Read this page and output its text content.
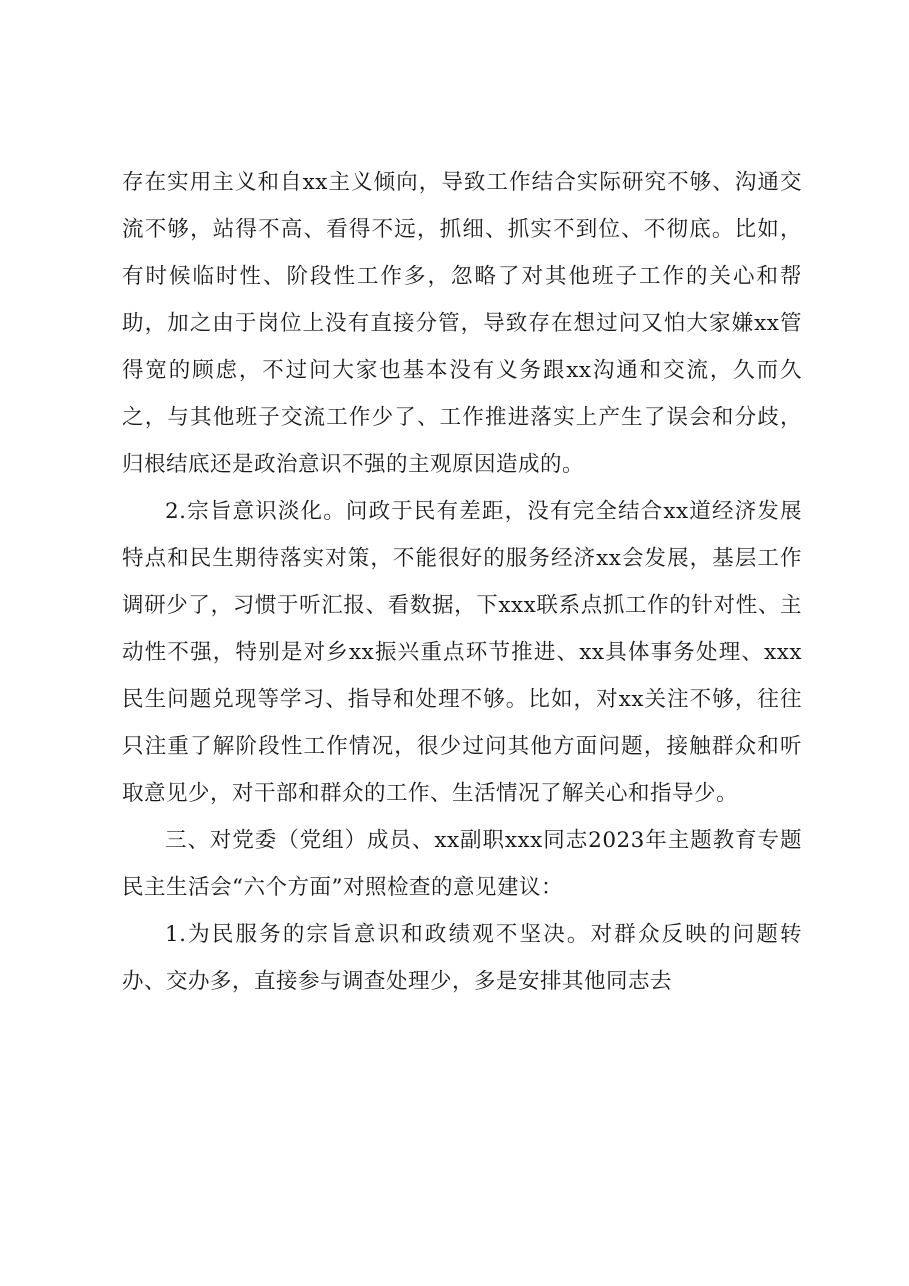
存在实用主义和自xx主义倾向，导致工作结合实际研究不够、沟通交流不够，站得不高、看得不远，抓细、抓实不到位、不彻底。比如，有时候临时性、阶段性工作多，忽略了对其他班子工作的关心和帮助，加之由于岗位上没有直接分管，导致存在想过问又怕大家嫌xx管得宽的顾虑，不过问大家也基本没有义务跟xx沟通和交流，久而久之，与其他班子交流工作少了、工作推进落实上产生了误会和分歧，归根结底还是政治意识不强的主观原因造成的。

2.宗旨意识淡化。问政于民有差距，没有完全结合xx道经济发展特点和民生期待落实对策，不能很好的服务经济xx会发展，基层工作调研少了，习惯于听汇报、看数据，下xxx联系点抓工作的针对性、主动性不强，特别是对乡xx振兴重点环节推进、xx具体事务处理、xxx民生问题兑现等学习、指导和处理不够。比如，对xx关注不够，往往只注重了解阶段性工作情况，很少过问其他方面问题，接触群众和听取意见少，对干部和群众的工作、生活情况了解关心和指导少。

三、对党委（党组）成员、xx副职xxx同志2023年主题教育专题民主生活会“六个方面”对照检查的意见建议：

1.为民服务的宗旨意识和政绩观不坚决。对群众反映的问题转办、交办多，直接参与调查处理少，多是安排其他同志去
